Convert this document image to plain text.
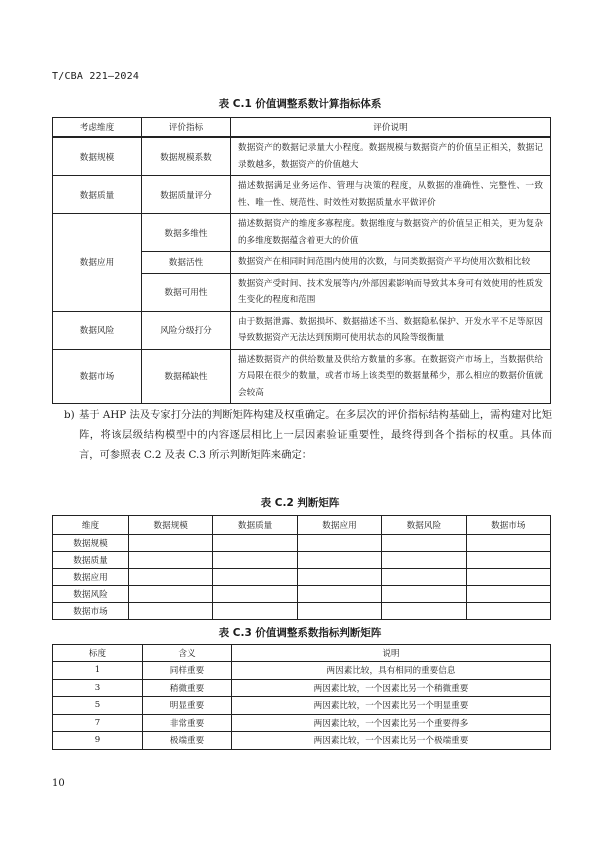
T/CBA 221—2024
表 C.1 价值调整系数计算指标体系
考虑维度	评价指标	评价说明
数据规模	数据规模系数	数据资产的数据记录量大小程度。数据规模与数据资产的价值呈正相关，数据记录数越多，数据资产的价值越大
数据质量	数据质量评分	描述数据满足业务运作、管理与决策的程度，从数据的准确性、完整性、一致性、唯一性、规范性、时效性对数据质量水平做评价
数据应用	数据多维性	描述数据资产的维度多寡程度。数据维度与数据资产的价值呈正相关，更为复杂的多维度数据蕴含着更大的价值
	数据活性	数据资产在相同时间范围内使用的次数，与同类数据资产平均使用次数相比较
	数据可用性	数据资产受时间、技术发展等内/外部因素影响而导致其本身可有效使用的性质发生变化的程度和范围
数据风险	风险分级打分	由于数据泄露、数据损坏、数据描述不当、数据隐私保护、开发水平不足等原因导致数据资产无法达到预期可使用状态的风险等级衡量
数据市场	数据稀缺性	描述数据资产的供给数量及供给方数量的多寡。在数据资产市场上，当数据供给方局限在很少的数量，或者市场上该类型的数据量稀少，那么相应的数据价值就会较高
b) 基于 AHP 法及专家打分法的判断矩阵构建及权重确定。在多层次的评价指标结构基础上，需构建对比矩阵，将该层级结构模型中的内容逐层相比上一层因素验证重要性，最终得到各个指标的权重。具体而言，可参照表 C.2 及表 C.3 所示判断矩阵来确定：
表 C.2 判断矩阵
维度	数据规模	数据质量	数据应用	数据风险	数据市场
数据规模					
数据质量					
数据应用					
数据风险					
数据市场					
表 C.3 价值调整系数指标判断矩阵
标度	含义	说明
1	同样重要	两因素比较，具有相同的重要信息
3	稍微重要	两因素比较，一个因素比另一个稍微重要
5	明显重要	两因素比较，一个因素比另一个明显重要
7	非常重要	两因素比较，一个因素比另一个重要得多
9	极端重要	两因素比较，一个因素比另一个极端重要
10
